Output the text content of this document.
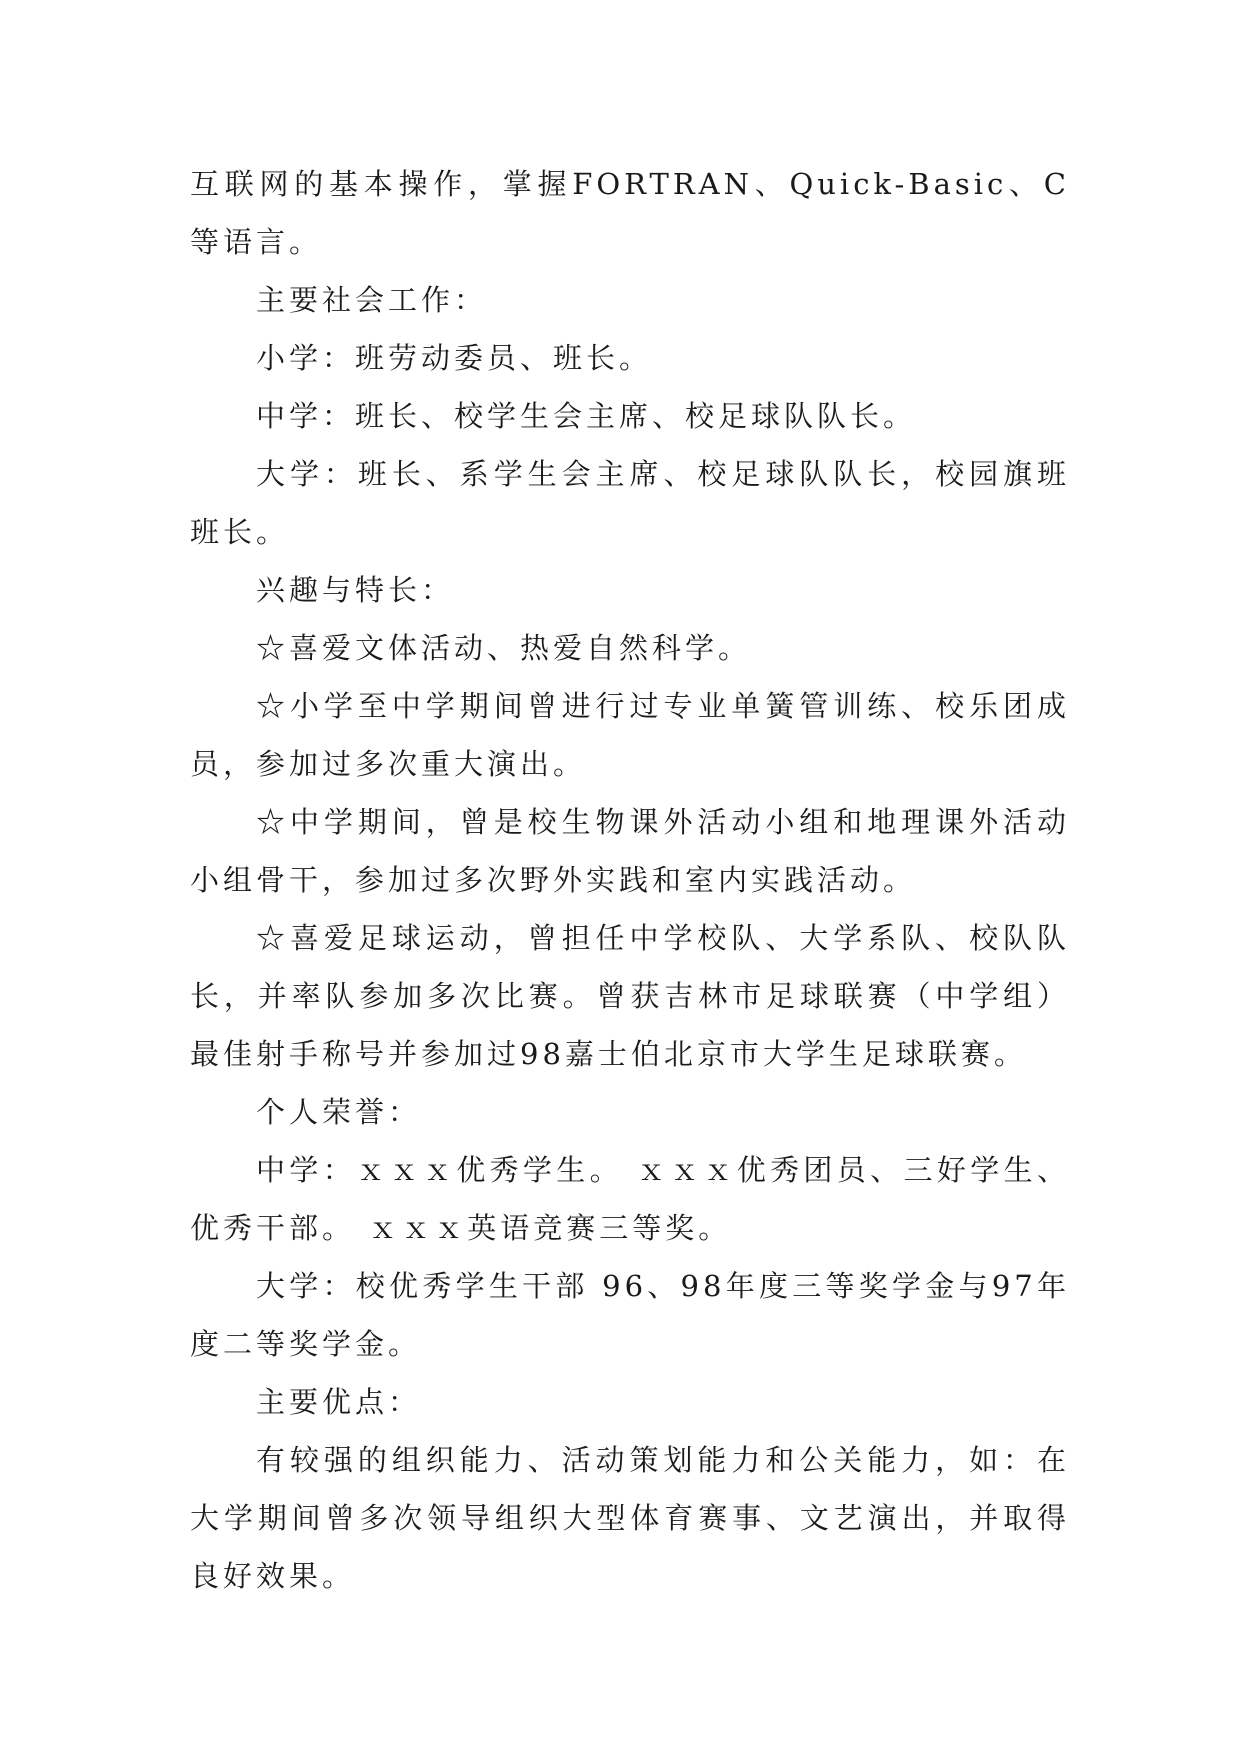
互联网的基本操作，掌握FORTRAN、Quick-Basic、C等语言。

主要社会工作：

小学：班劳动委员、班长。

中学：班长、校学生会主席、校足球队队长。

大学：班长、系学生会主席、校足球队队长，校园旗班班长。

兴趣与特长：

☆喜爱文体活动、热爱自然科学。

☆小学至中学期间曾进行过专业单簧管训练、校乐团成员，参加过多次重大演出。

☆中学期间，曾是校生物课外活动小组和地理课外活动小组骨干，参加过多次野外实践和室内实践活动。

☆喜爱足球运动，曾担任中学校队、大学系队、校队队长，并率队参加多次比赛。曾获吉林市足球联赛（中学组）最佳射手称号并参加过98嘉士伯北京市大学生足球联赛。

个人荣誉：

中学：ｘｘｘ优秀学生。 ｘｘｘ优秀团员、三好学生、优秀干部。 ｘｘｘ英语竞赛三等奖。

大学：校优秀学生干部 96、98年度三等奖学金与97年度二等奖学金。

主要优点：

有较强的组织能力、活动策划能力和公关能力，如：在大学期间曾多次领导组织大型体育赛事、文艺演出，并取得良好效果。
